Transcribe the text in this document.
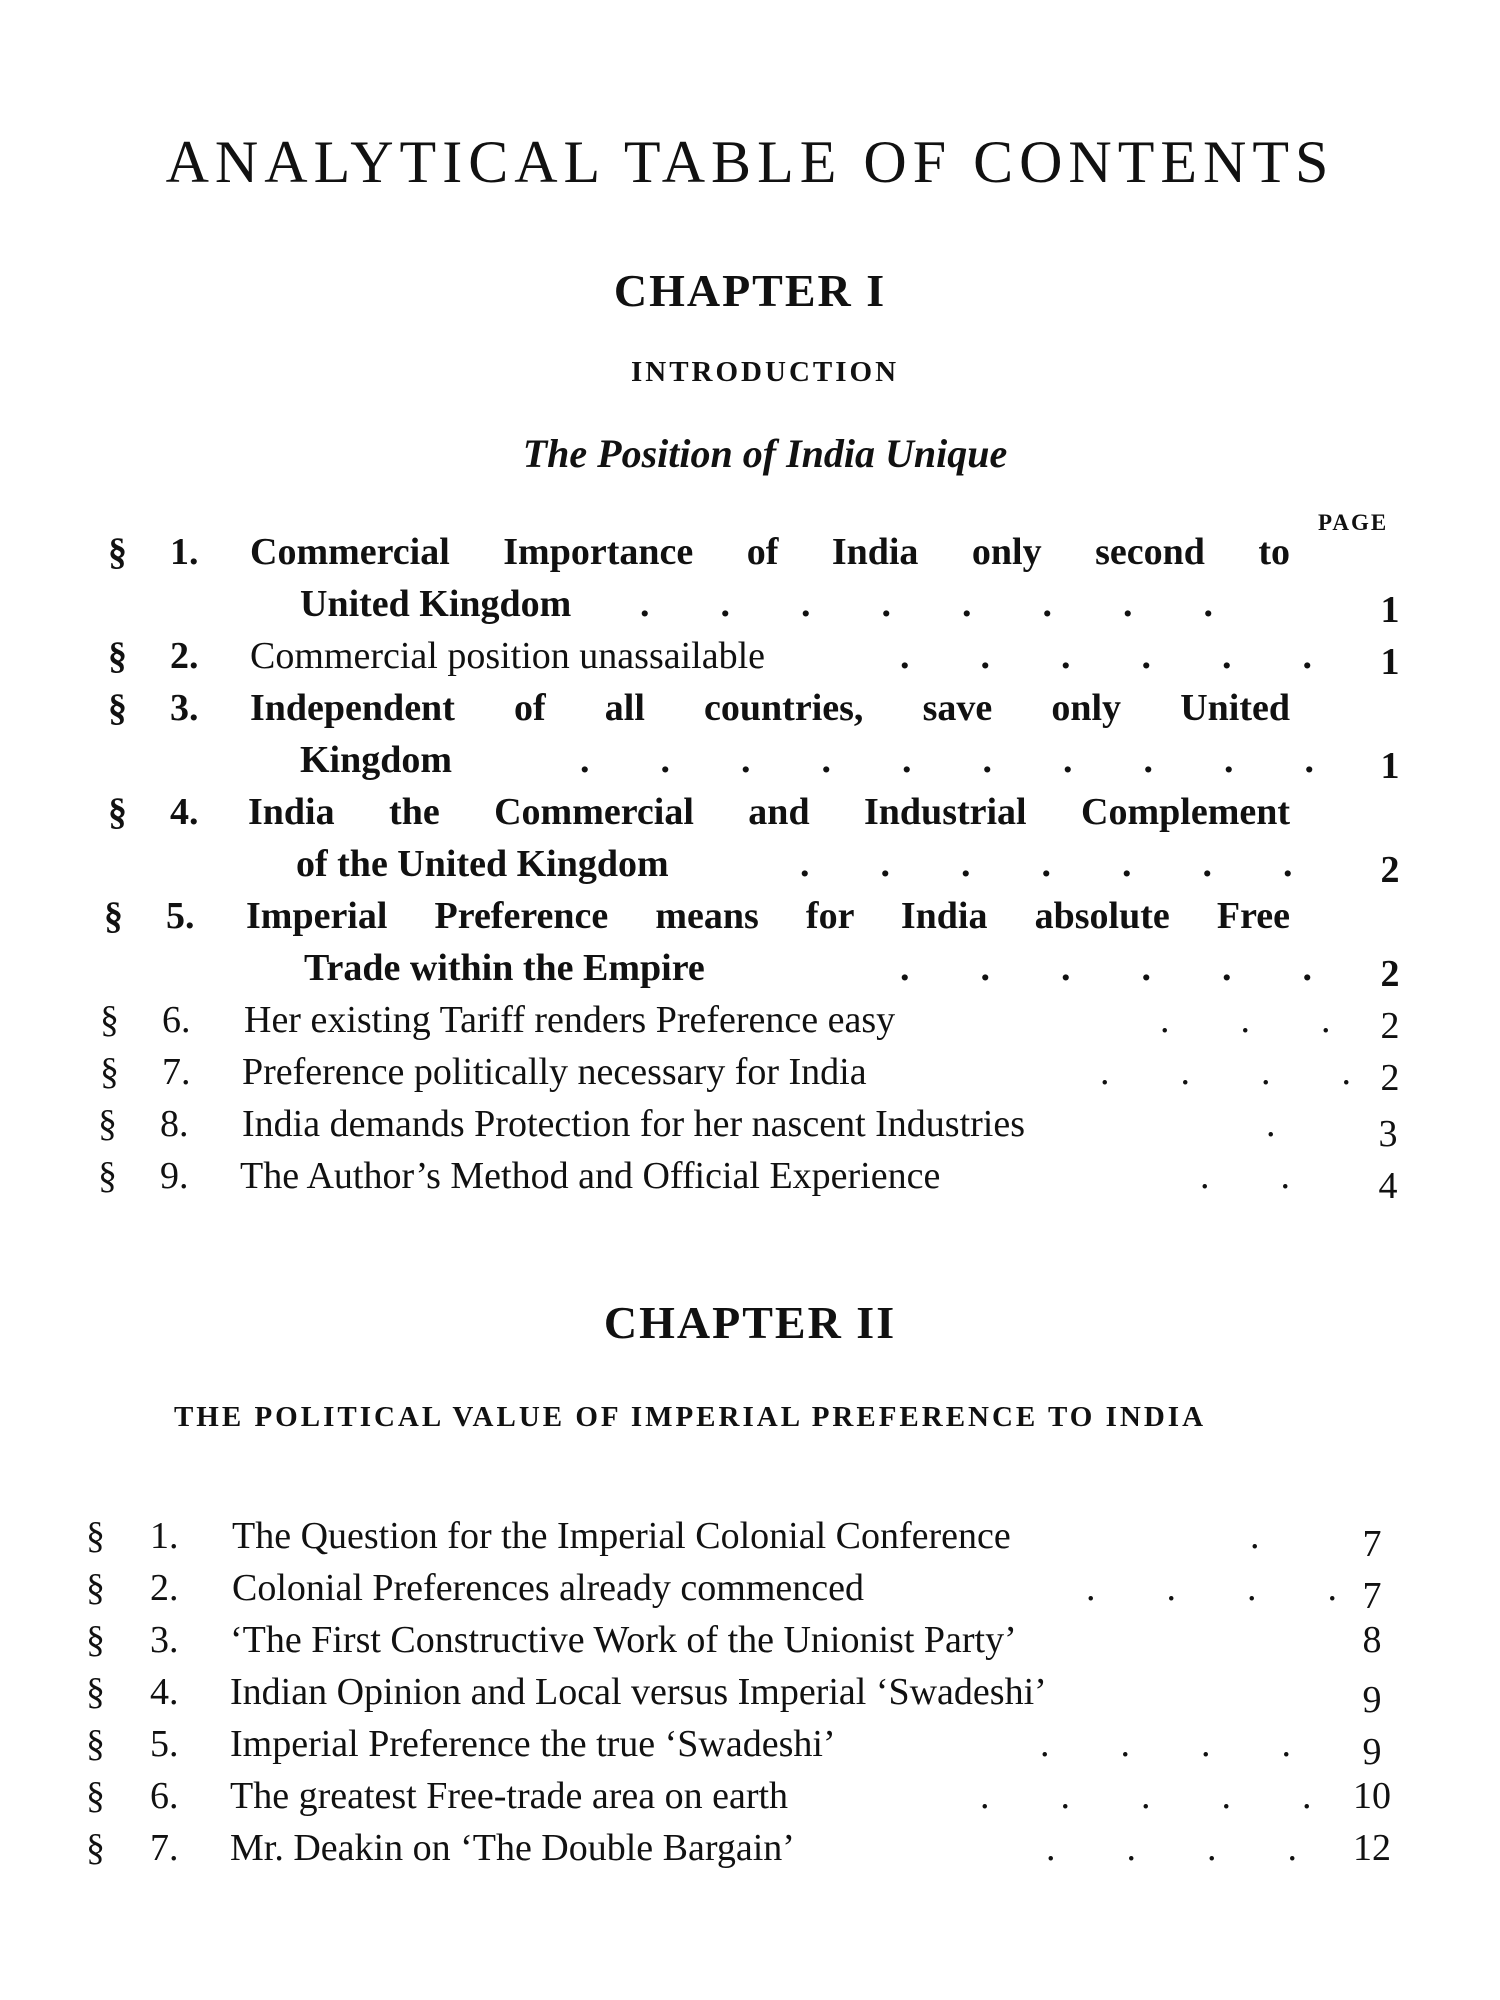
ANALYTICAL TABLE OF CONTENTS
CHAPTER I
INTRODUCTION
The Position of India Unique
PAGE
§ 1. Commercial Importance of India only second to
United Kingdom .      .      .      .      .      .      .      .	1
§ 2. Commercial position unassailable	.      .      .      .      .      .	1
§ 3. Independent of all countries, save only United
Kingdom	.      .      .      .      .      .      .      .      .      .	1
§ 4. India the Commercial and Industrial Complement
of the United Kingdom	.      .      .      .      .      .      .	2
§ 5. Imperial Preference means for India absolute Free
Trade within the Empire	.      .      .      .      .      .	2
§ 6. Her existing Tariff renders Preference easy	.      .      .	2
§ 7. Preference politically necessary for India	.      .      .      . 2
§ 8. India demands Protection for her nascent Industries	.	3
§ 9. The Author’s Method and Official Experience	.      .	4
CHAPTER II
THE POLITICAL VALUE OF IMPERIAL PREFERENCE TO INDIA
§ 1. The Question for the Imperial Colonial Conference	.	7
§ 2. Colonial Preferences already commenced	.      .      .      . 7
§ 3. ‘The First Constructive Work of the Unionist Party’	8
§ 4. Indian Opinion and Local versus Imperial ‘Swadeshi’	9
§ 5. Imperial Preference the true ‘Swadeshi’	.      .      .      .	9
§ 6. The greatest Free-trade area on earth	.      .      .      .      . 10
§ 7. Mr. Deakin on ‘The Double Bargain’	.      .      .      . 12
